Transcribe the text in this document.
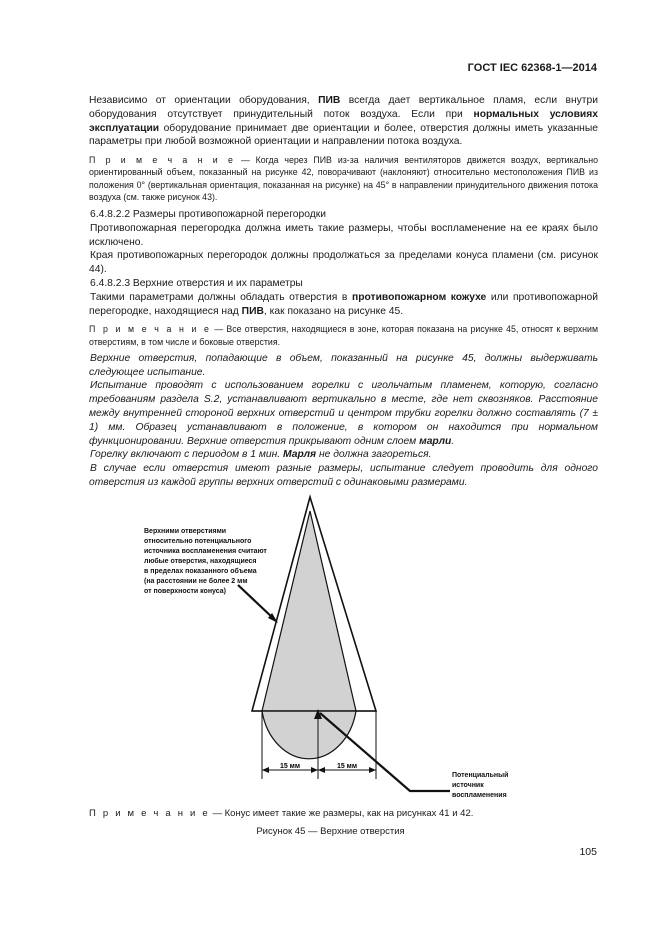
ГОСТ IEC 62368-1—2014

Независимо от ориентации оборудования, ПИВ всегда дает вертикальное пламя, если внутри оборудования отсутствует принудительный поток воздуха. Если при нормальных условиях эксплуатации оборудование принимает две ориентации и более, отверстия должны иметь указанные параметры при любой возможной ориентации и направлении потока воздуха.

П р и м е ч а н и е — Когда через ПИВ из-за наличия вентиляторов движется воздух, вертикально ориентированный объем, показанный на рисунке 42, поворачивают (наклоняют) относительно местоположения ПИВ из положения 0° (вертикальная ориентация, показанная на рисунке) на 45° в направлении принудительного движения потока воздуха (см. также рисунок 43).

6.4.8.2.2 Размеры противопожарной перегородки

Противопожарная перегородка должна иметь такие размеры, чтобы воспламенение на ее краях было исключено.

Края противопожарных перегородок должны продолжаться за пределами конуса пламени (см. рисунок 44).

6.4.8.2.3 Верхние отверстия и их параметры

Такими параметрами должны обладать отверстия в противопожарном кожухе или противопожарной перегородке, находящиеся над ПИВ, как показано на рисунке 45.

П р и м е ч а н и е — Все отверстия, находящиеся в зоне, которая показана на рисунке 45, относят к верхним отверстиям, в том числе и боковые отверстия.

Верхние отверстия, попадающие в объем, показанный на рисунке 45, должны выдерживать следующее испытание.

Испытание проводят с использованием горелки с игольчатым пламенем, которую, согласно требованиям раздела S.2, устанавливают вертикально в месте, где нет сквозняков. Расстояние между внутренней стороной верхних отверстий и центром трубки горелки должно составлять (7 ± 1) мм. Образец устанавливают в положение, в котором он находится при нормальном функционировании. Верхние отверстия прикрывают одним слоем марли.

Горелку включают с периодом в 1 мин. Марля не должна загореться.

В случае если отверстия имеют разные размеры, испытание следует проводить для одного отверстия из каждой группы верхних отверстий с одинаковыми размерами.

15 мм	15 мм
Верхними отверстиями относительно потенциального источника воспламенения считают любые отверстия, находящиеся в пределах показанного объема (на расстоянии не более 2 мм от поверхности конуса)
Потенциальный источник воспламенения
П р и м е ч а н и е — Конус имеет такие же размеры, как на рисунках 41 и 42.
Рисунок 45 — Верхние отверстия
105
